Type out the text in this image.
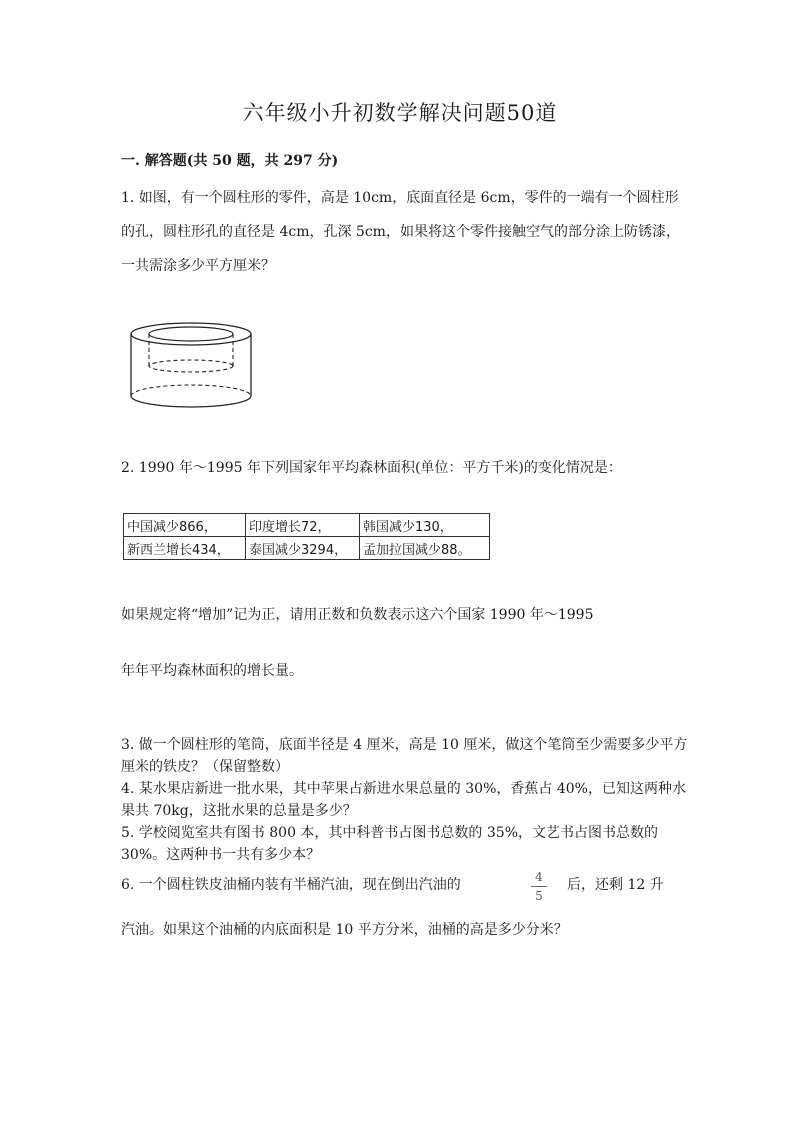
六年级小升初数学解决问题50道
一. 解答题(共 50 题，共 297 分)
1. 如图，有一个圆柱形的零件，高是 10cm，底面直径是 6cm，零件的一端有一个圆柱形的孔，圆柱形孔的直径是 4cm，孔深 5cm，如果将这个零件接触空气的部分涂上防锈漆，一共需涂多少平方厘米？
2. 1990 年～1995 年下列国家年平均森林面积(单位：平方千米)的变化情况是：
中国减少866，	印度增长72，	韩国减少130，
新西兰增长434，	泰国减少3294，	孟加拉国减少88。
如果规定将“增加”记为正，请用正数和负数表示这六个国家 1990 年～1995
年年平均森林面积的增长量。
3. 做一个圆柱形的笔筒，底面半径是 4 厘米，高是 10 厘米，做这个笔筒至少需要多少平方厘米的铁皮？（保留整数）
4. 某水果店新进一批水果，其中苹果占新进水果总量的 30%，香蕉占 40%，已知这两种水果共 70kg，这批水果的总量是多少？
5. 学校阅览室共有图书 800 本，其中科普书占图书总数的 35%，文艺书占图书总数的 30%。这两种书一共有多少本？
6. 一个圆柱铁皮油桶内装有半桶汽油，现在倒出汽油的	4
5
后，还剩 12 升
汽油。如果这个油桶的内底面积是 10 平方分米，油桶的高是多少分米？
